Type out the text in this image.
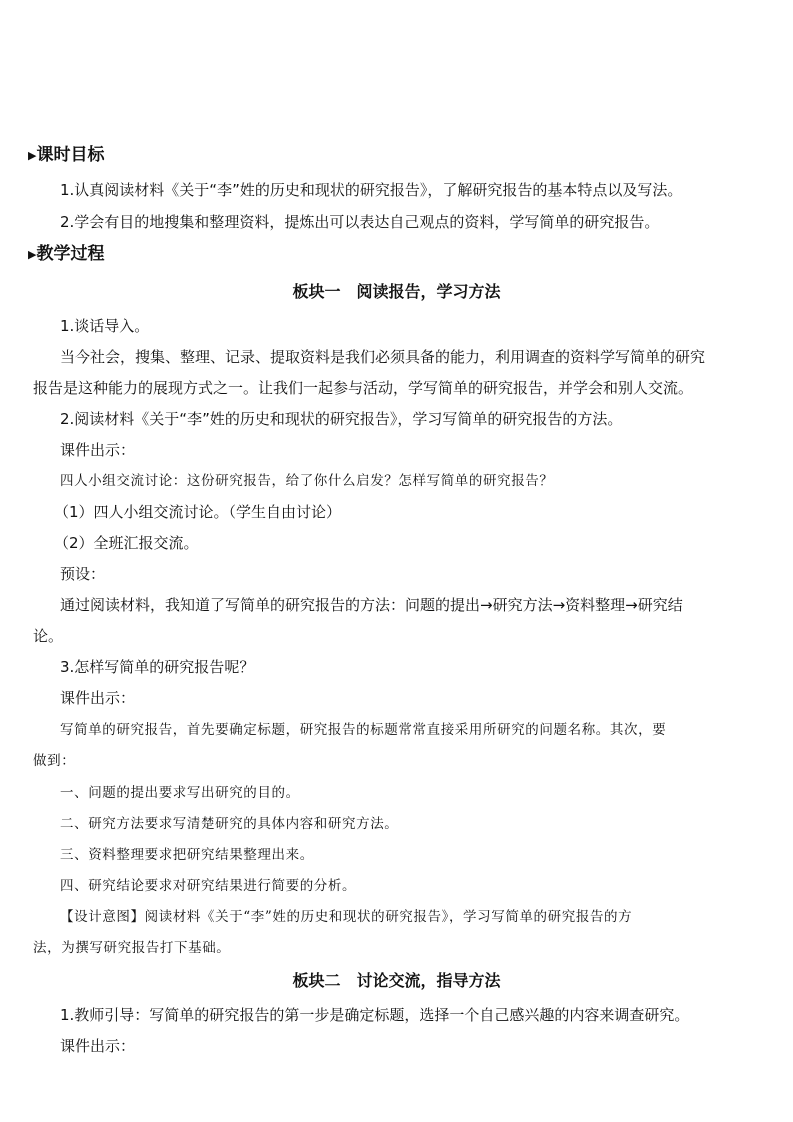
▶课时目标
1.认真阅读材料《关于“李”姓的历史和现状的研究报告》，了解研究报告的基本特点以及写法。
2.学会有目的地搜集和整理资料，提炼出可以表达自己观点的资料，学写简单的研究报告。
▶教学过程
板块一　阅读报告，学习方法
1.谈话导入。
当今社会，搜集、整理、记录、提取资料是我们必须具备的能力，利用调查的资料学写简单的研究
报告是这种能力的展现方式之一。让我们一起参与活动，学写简单的研究报告，并学会和别人交流。
2.阅读材料《关于“李”姓的历史和现状的研究报告》，学习写简单的研究报告的方法。
课件出示：
四人小组交流讨论：这份研究报告，给了你什么启发？怎样写简单的研究报告？
（1）四人小组交流讨论。（学生自由讨论）
（2）全班汇报交流。
预设：
通过阅读材料，我知道了写简单的研究报告的方法：问题的提出→研究方法→资料整理→研究结
论。
3.怎样写简单的研究报告呢？
课件出示：
写简单的研究报告，首先要确定标题，研究报告的标题常常直接采用所研究的问题名称。其次，要
做到：
一、问题的提出要求写出研究的目的。
二、研究方法要求写清楚研究的具体内容和研究方法。
三、资料整理要求把研究结果整理出来。
四、研究结论要求对研究结果进行简要的分析。
【设计意图】阅读材料《关于“李”姓的历史和现状的研究报告》，学习写简单的研究报告的方
法，为撰写研究报告打下基础。
板块二　讨论交流，指导方法
1.教师引导：写简单的研究报告的第一步是确定标题，选择一个自己感兴趣的内容来调查研究。
课件出示：
